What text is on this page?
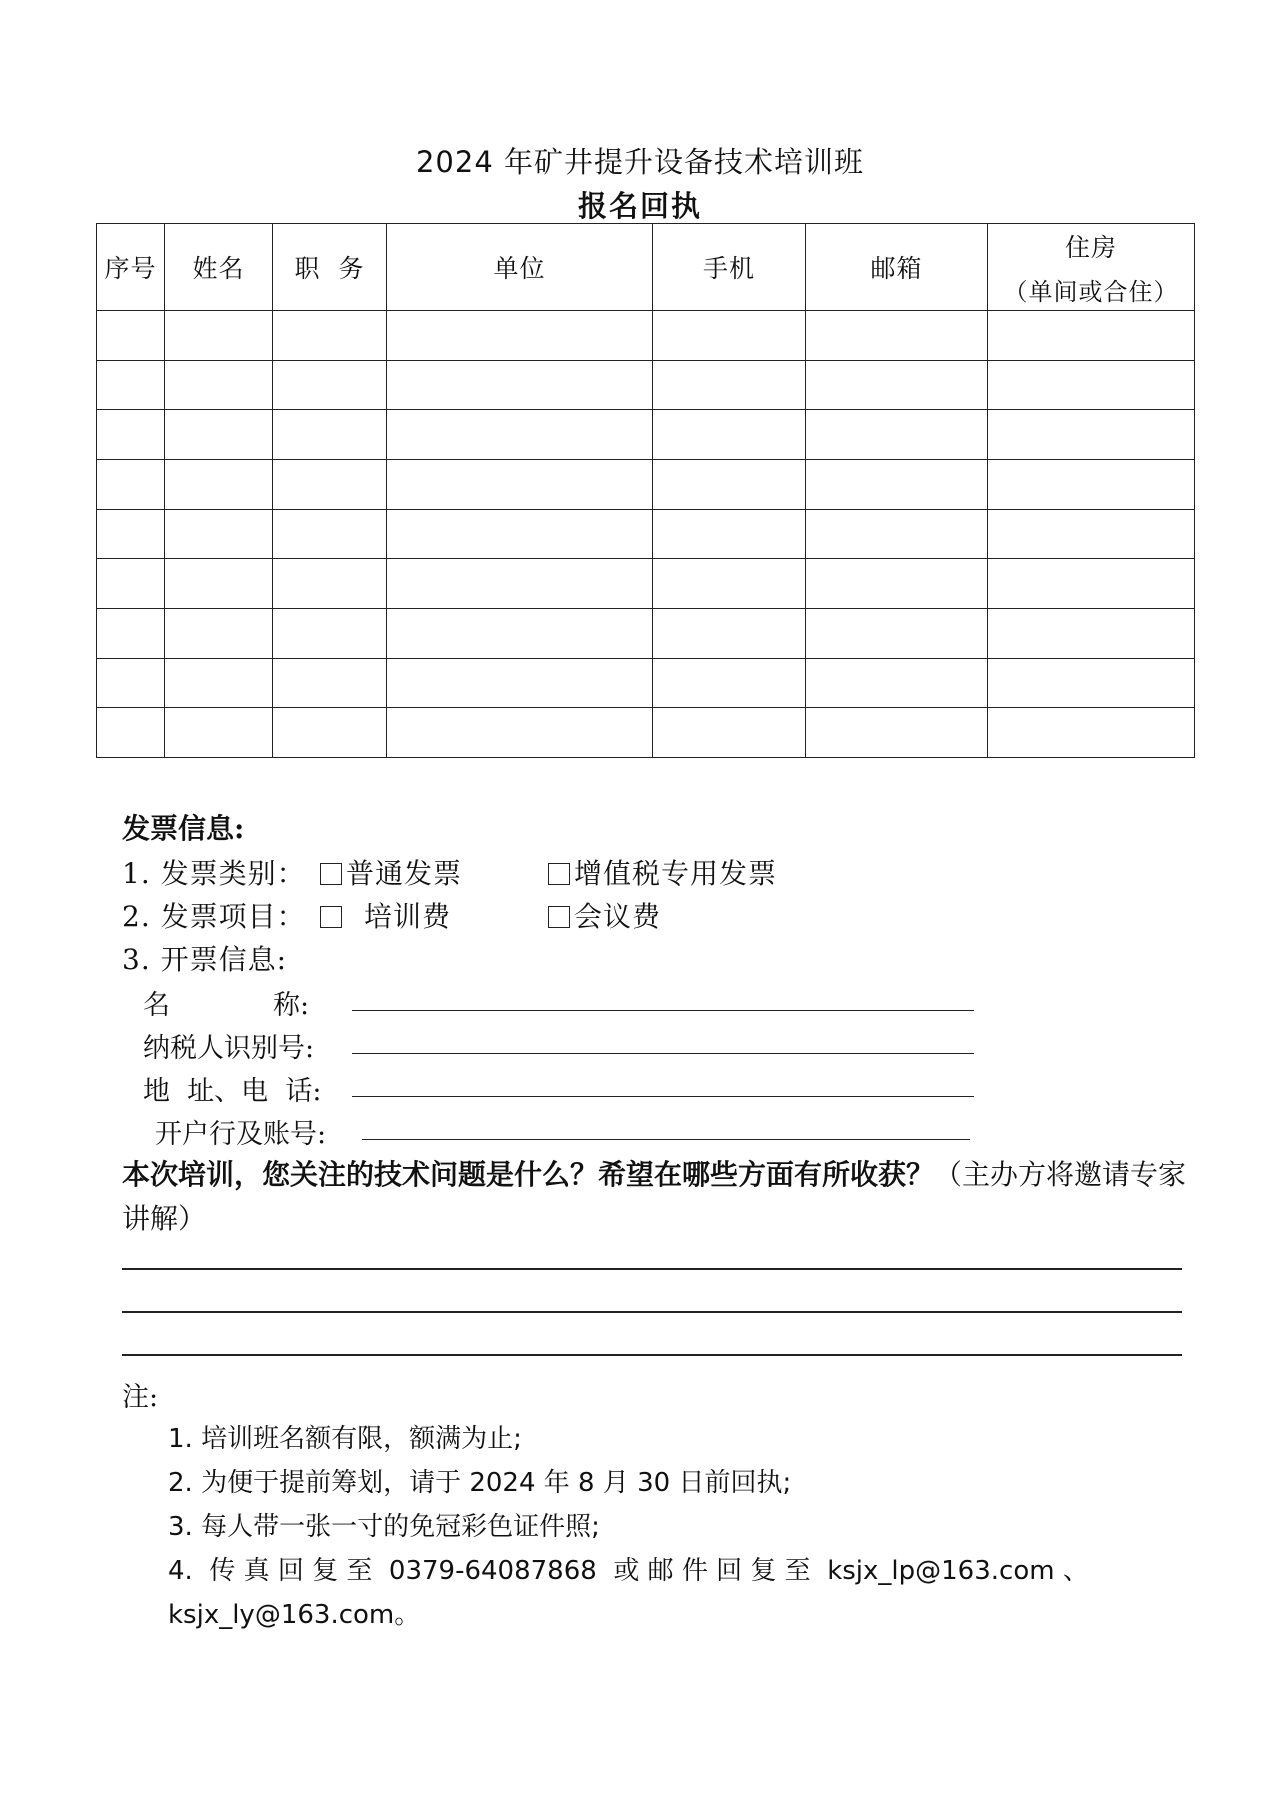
2024 年矿井提升设备技术培训班
报名回执
序号	姓名	职  务	单位	手机	邮箱	住房
（单间或合住）

发票信息:
1. 发票类别：	普通发票	增值税专用发票
2. 发票项目：	培训费	会议费
3. 开票信息:
名            称:
纳税人识别号:
地  址、电  话:
开户行及账号:
本次培训，您关注的技术问题是什么？希望在哪些方面有所收获？（主办方将邀请专家讲解）
注:
1. 培训班名额有限，额满为止;
2. 为便于提前筹划，请于 2024 年 8 月 30 日前回执;
3. 每人带一张一寸的免冠彩色证件照;
4.  传 真 回 复 至  0379-64087868  或 邮 件 回 复 至  ksjx_lp@163.com 、
ksjx_ly@163.com。
